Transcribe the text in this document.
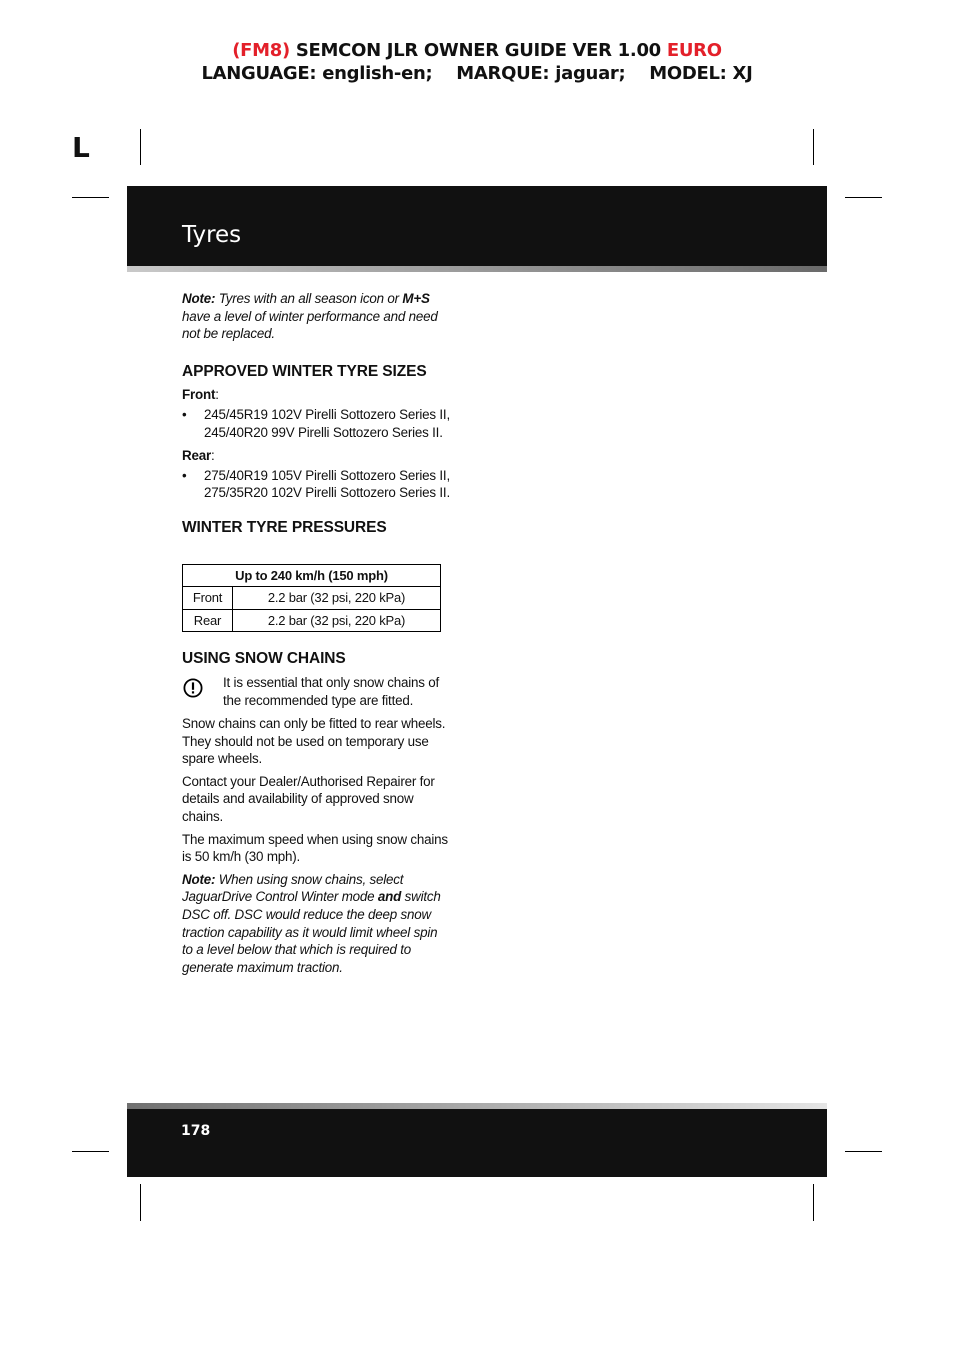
(FM8) SEMCON JLR OWNER GUIDE VER 1.00 EURO
LANGUAGE: english-en;    MARQUE: jaguar;    MODEL: XJ
L
Tyres

Note: Tyres with an all season icon or M+S have a level of winter performance and need not be replaced.

APPROVED WINTER TYRE SIZES

Front:

• 245/45R19 102V Pirelli Sottozero Series II, 245/40R20 99V Pirelli Sottozero Series II.

Rear:

• 275/40R19 105V Pirelli Sottozero Series II, 275/35R20 102V Pirelli Sottozero Series II.
WINTER TYRE PRESSURES
Up to 240 km/h (150 mph)	
Front	2.2 bar (32 psi, 220 kPa)
Rear	2.2 bar (32 psi, 220 kPa)
USING SNOW CHAINS
It is essential that only snow chains of the recommended type are fitted.

Snow chains can only be fitted to rear wheels. They should not be used on temporary use spare wheels.

Contact your Dealer/Authorised Repairer for details and availability of approved snow chains.

The maximum speed when using snow chains is 50 km/h (30 mph).

Note: When using snow chains, select JaguarDrive Control Winter mode and switch DSC off. DSC would reduce the deep snow traction capability as it would limit wheel spin to a level below that which is required to generate maximum traction.

178
